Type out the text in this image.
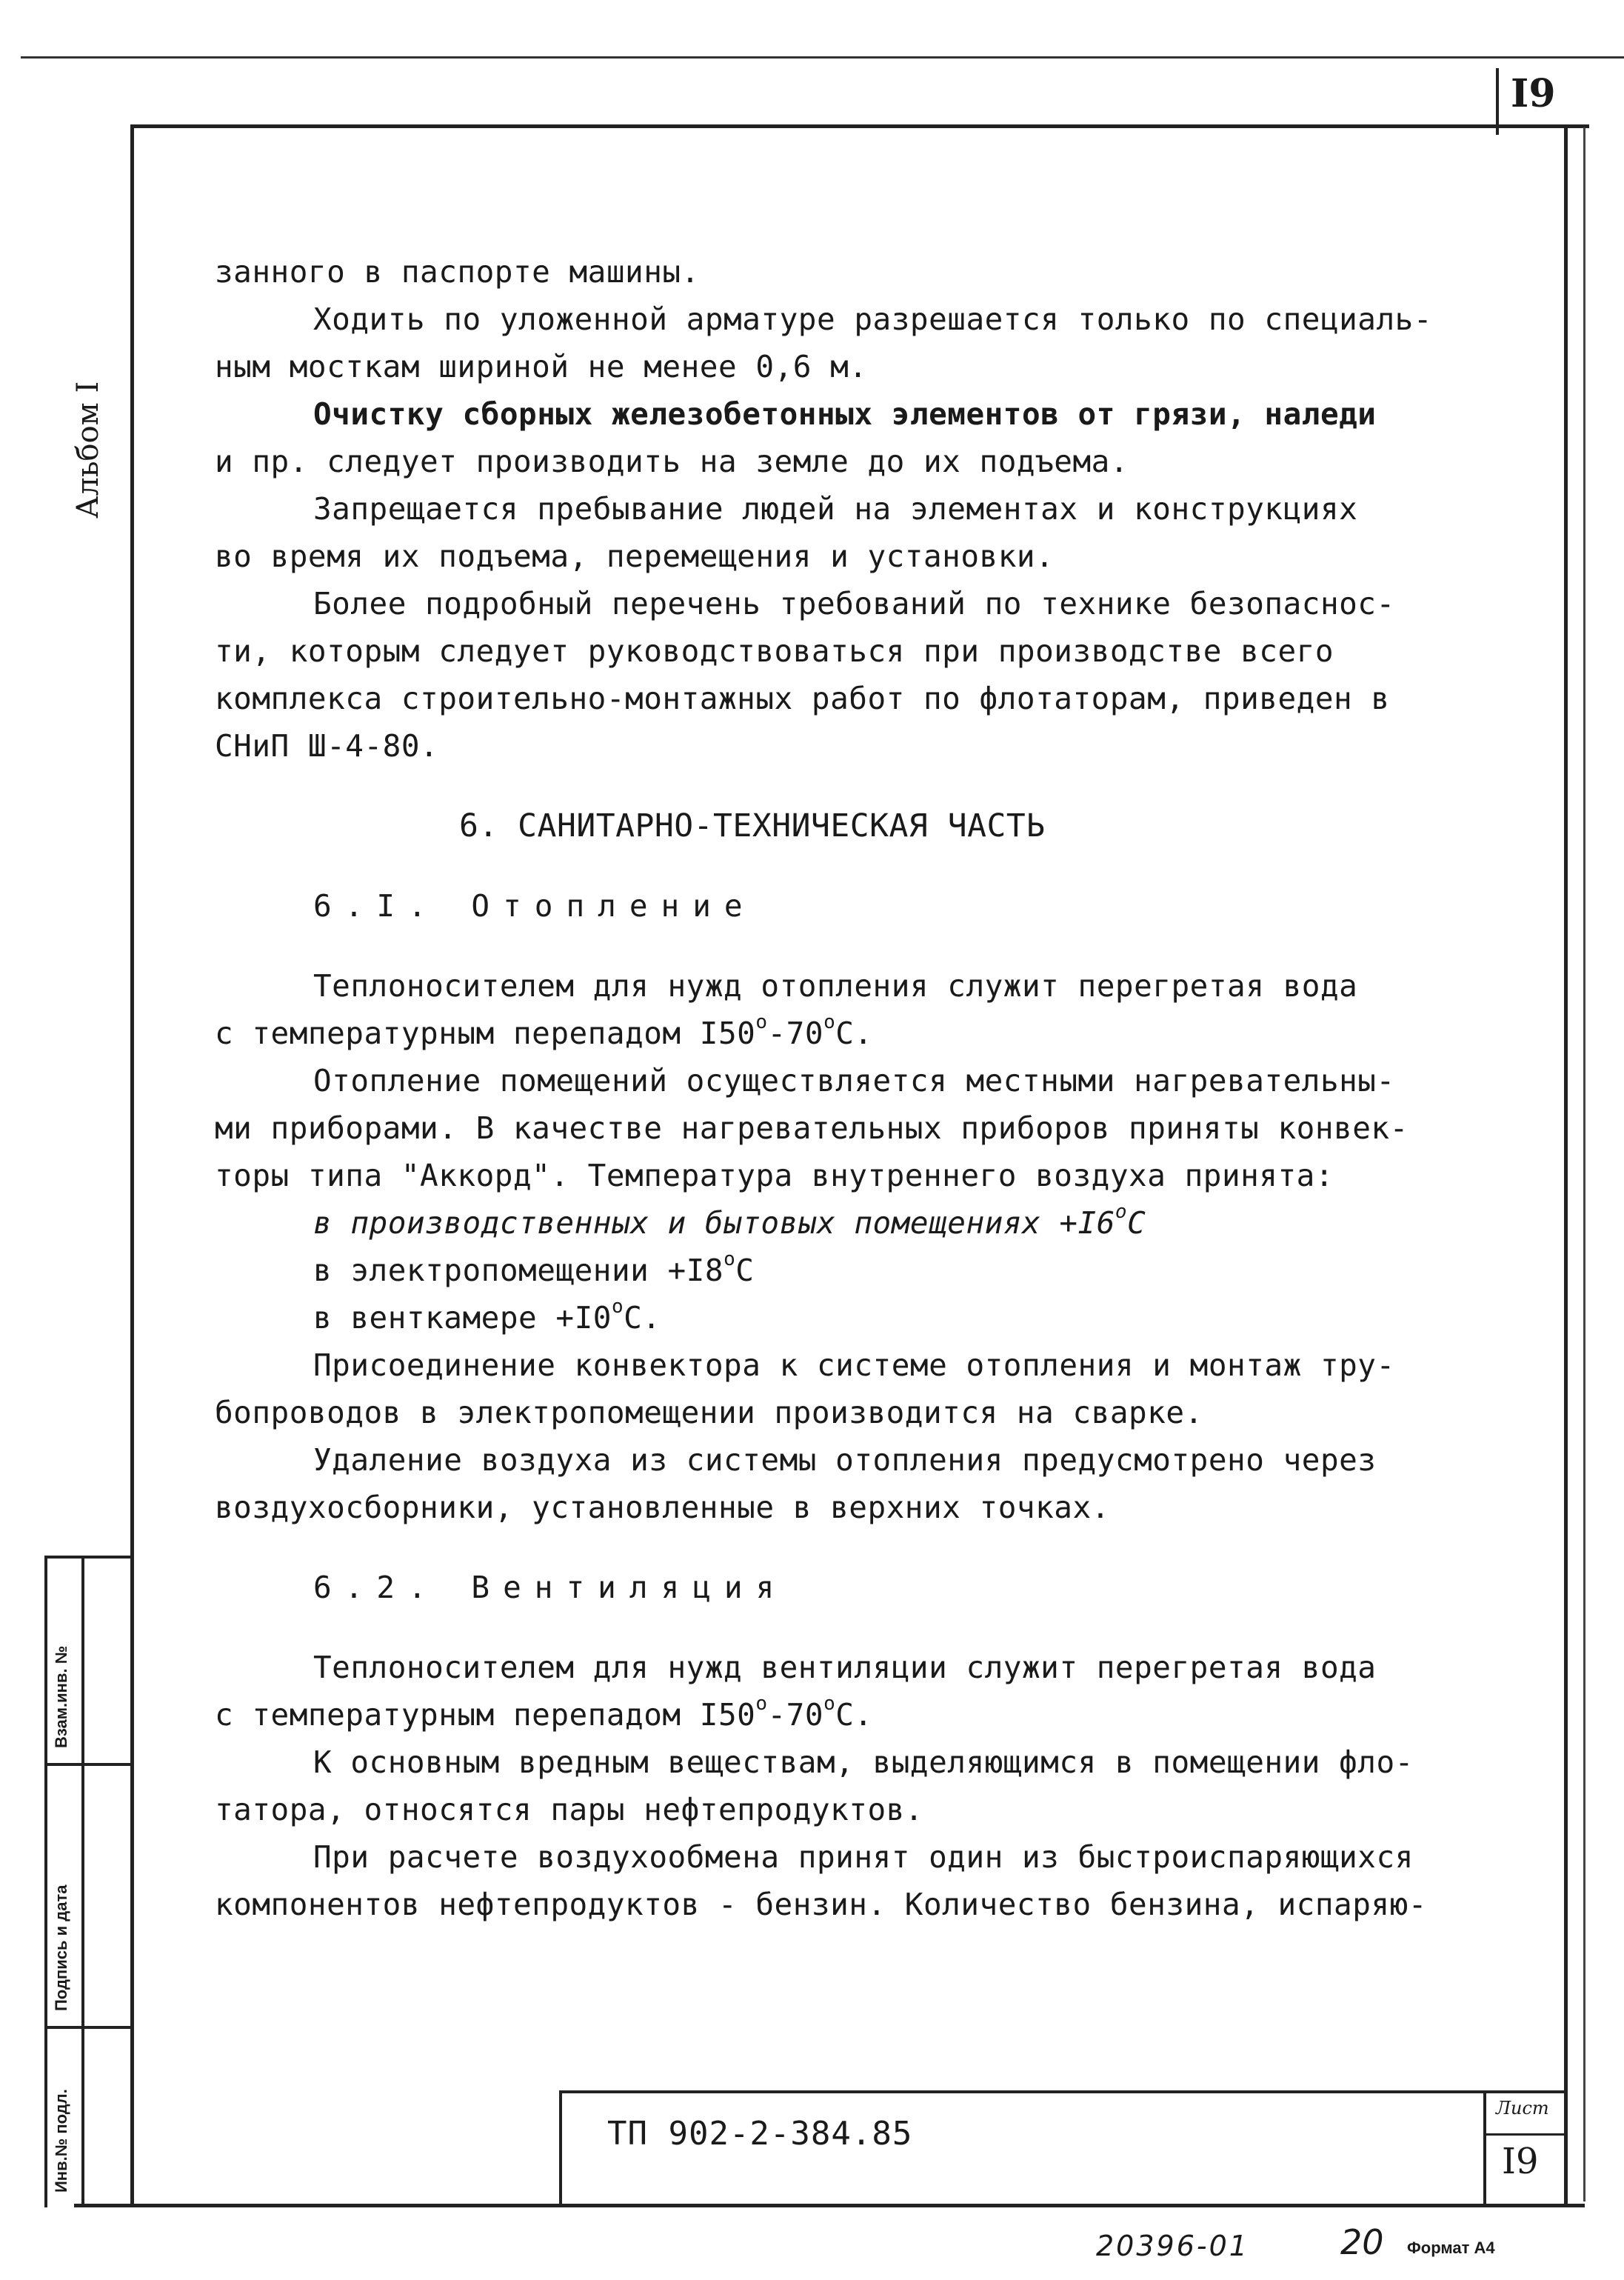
I9
Альбом I
Взам.инв. №
Подпись и дата
Инв.№ подл.
занного в паспорте машины.
Ходить по уложенной арматуре разрешается только по специаль-
ным мосткам шириной не менее 0,6 м.
Очистку сборных железобетонных элементов от грязи, наледи
и пр. следует производить на земле до их подъема.
Запрещается пребывание людей на элементах и конструкциях
во время их подъема, перемещения и установки.
Более подробный перечень требований по технике безопаснос-
ти, которым следует руководствоваться при производстве всего
комплекса строительно-монтажных работ по флотаторам, приведен в
СНиП Ш-4-80.
6. САНИТАРНО-ТЕХНИЧЕСКАЯ ЧАСТЬ
6.I. Отопление
Теплоносителем для нужд отопления служит перегретая вода
с температурным перепадом I50$^o$-70$^o$C.
Отопление помещений осуществляется местными нагревательны-
ми приборами. В качестве нагревательных приборов приняты конвек-
торы типа "Аккорд". Температура внутреннего воздуха принята:
в производственных и бытовых помещениях $+I6^oC$
в электропомещении $+I8^oC$
в венткамере $+I0^oC$.
Присоединение конвектора к системе отопления и монтаж тру-
бопроводов в электропомещении производится на сварке.
Удаление воздуха из системы отопления предусмотрено через
воздухосборники, установленные в верхних точках.
6.2. Вентиляция
Теплоносителем для нужд вентиляции служит перегретая вода
с температурным перепадом I50$^o$-70$^o$C.
К основным вредным веществам, выделяющимся в помещении фло-
татора, относятся пары нефтепродуктов.
При расчете воздухообмена принят один из быстроиспаряющихся
компонентов нефтепродуктов - бензин. Количество бензина, испаряю-
ТП 902-2-384.85
Лист
I9
20396-01	20 Формат А4
